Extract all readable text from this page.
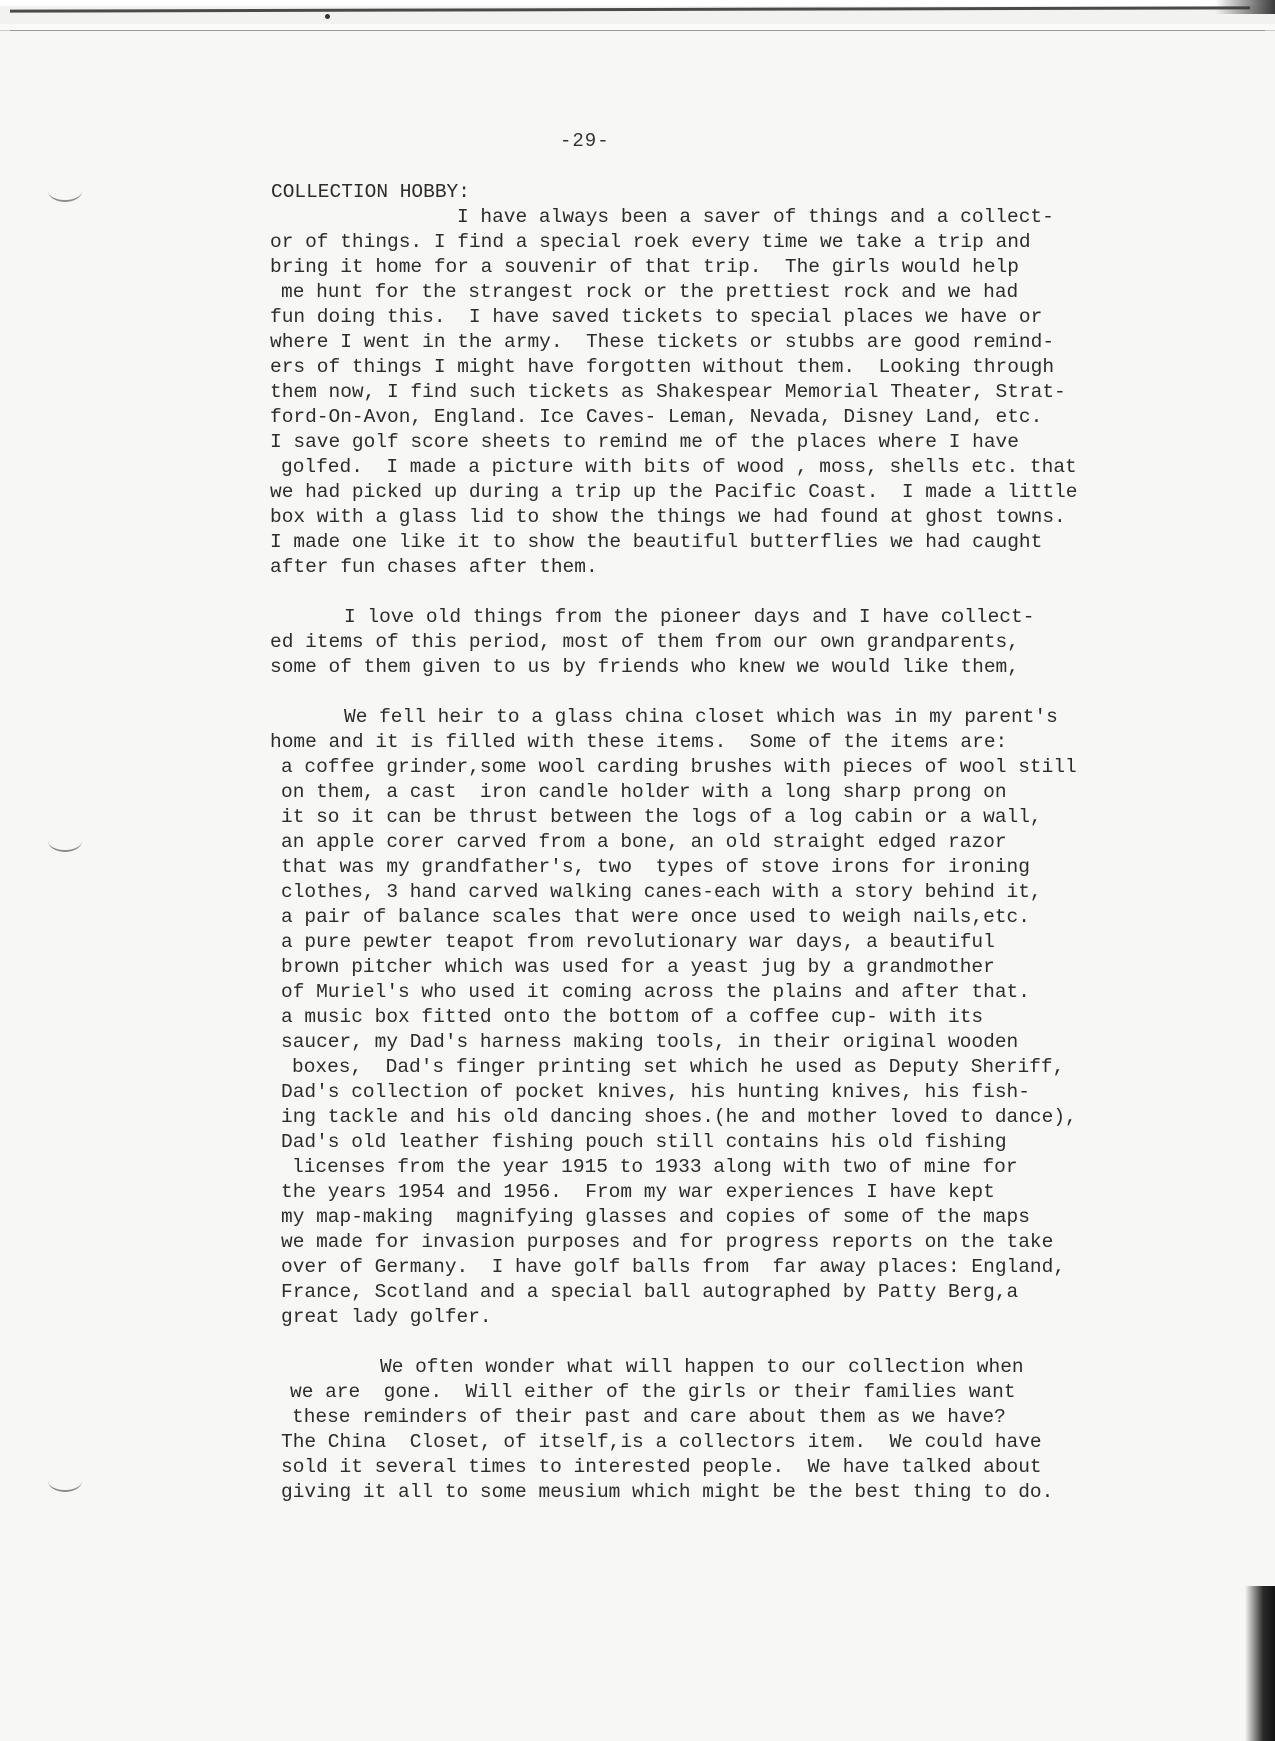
-29-
COLLECTION HOBBY:
I have always been a saver of things and a collect-
or of things. I find a special roek every time we take a trip and
bring it home for a souvenir of that trip.  The girls would help
me hunt for the strangest rock or the prettiest rock and we had
fun doing this.  I have saved tickets to special places we have or
where I went in the army.  These tickets or stubbs are good remind-
ers of things I might have forgotten without them.  Looking through
them now, I find such tickets as Shakespear Memorial Theater, Strat-
ford-On-Avon, England. Ice Caves- Leman, Nevada, Disney Land, etc.
I save golf score sheets to remind me of the places where I have
golfed.  I made a picture with bits of wood , moss, shells etc. that
we had picked up during a trip up the Pacific Coast.  I made a little
box with a glass lid to show the things we had found at ghost towns.
I made one like it to show the beautiful butterflies we had caught
after fun chases after them.
I love old things from the pioneer days and I have collect-
ed items of this period, most of them from our own grandparents,
some of them given to us by friends who knew we would like them,
We fell heir to a glass china closet which was in my parent's
home and it is filled with these items.  Some of the items are:
a coffee grinder,some wool carding brushes with pieces of wool still
on them, a cast  iron candle holder with a long sharp prong on
it so it can be thrust between the logs of a log cabin or a wall,
an apple corer carved from a bone, an old straight edged razor
that was my grandfather's, two  types of stove irons for ironing
clothes, 3 hand carved walking canes-each with a story behind it,
a pair of balance scales that were once used to weigh nails,etc.
a pure pewter teapot from revolutionary war days, a beautiful
brown pitcher which was used for a yeast jug by a grandmother
of Muriel's who used it coming across the plains and after that.
a music box fitted onto the bottom of a coffee cup- with its
saucer, my Dad's harness making tools, in their original wooden
boxes,  Dad's finger printing set which he used as Deputy Sheriff,
Dad's collection of pocket knives, his hunting knives, his fish-
ing tackle and his old dancing shoes.(he and mother loved to dance),
Dad's old leather fishing pouch still contains his old fishing
licenses from the year 1915 to 1933 along with two of mine for
the years 1954 and 1956.  From my war experiences I have kept
my map-making  magnifying glasses and copies of some of the maps
we made for invasion purposes and for progress reports on the take
over of Germany.  I have golf balls from  far away places: England,
France, Scotland and a special ball autographed by Patty Berg,a
great lady golfer.
We often wonder what will happen to our collection when
we are  gone.  Will either of the girls or their families want
these reminders of their past and care about them as we have?
The China  Closet, of itself,is a collectors item.  We could have
sold it several times to interested people.  We have talked about
giving it all to some meusium which might be the best thing to do.
